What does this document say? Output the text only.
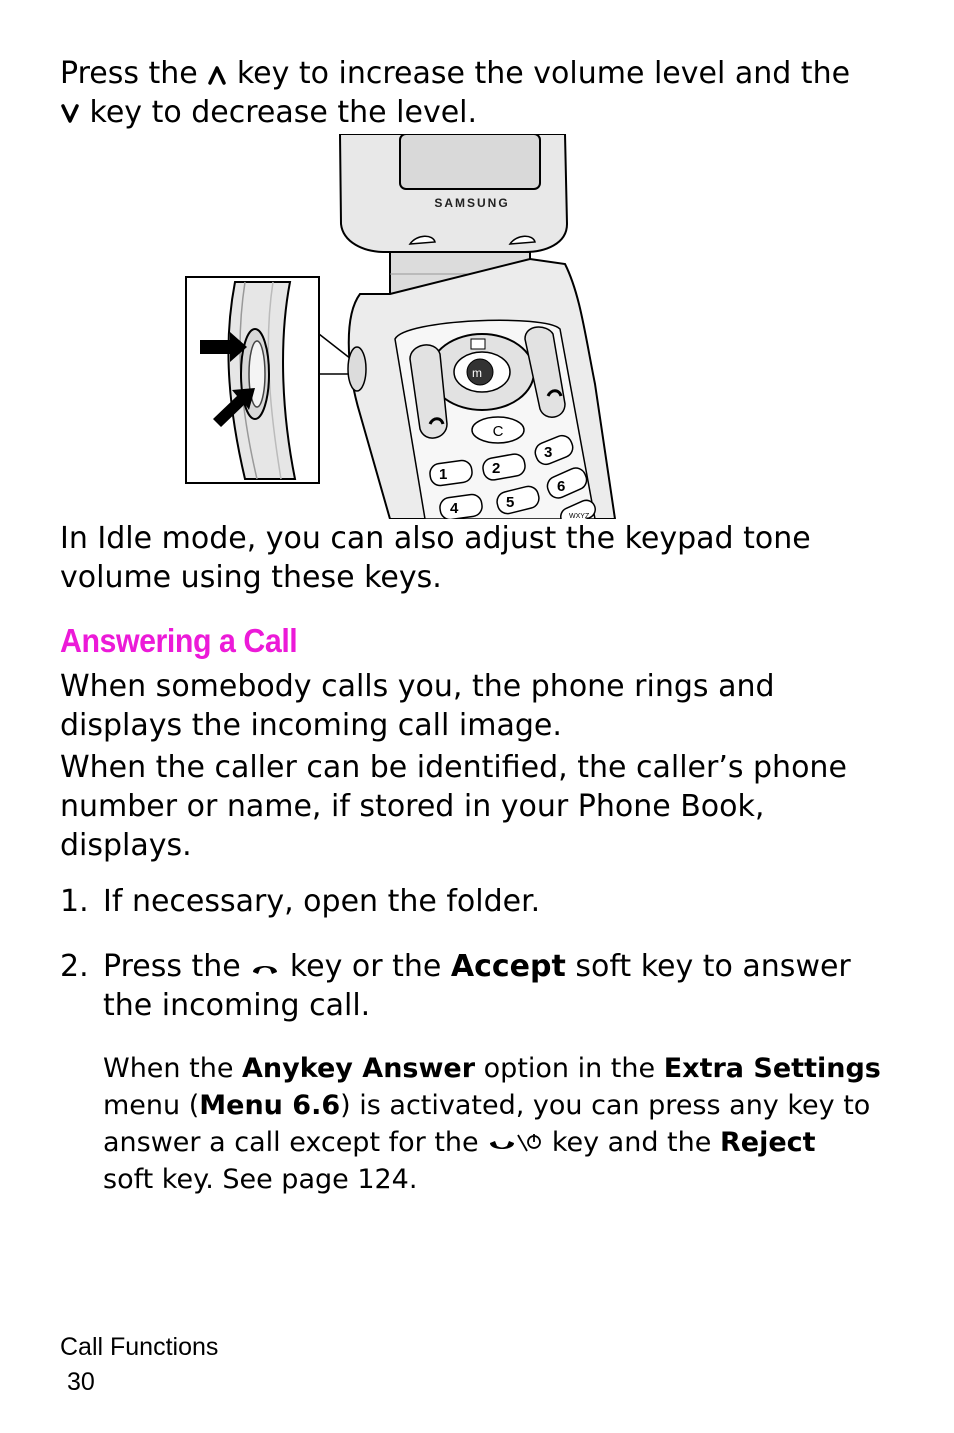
Press the key to increase the volume level and the

key to decrease the level.

SAMSUNG
m
C
1	2
3
4	5
6
WXYZ

In Idle mode, you can also adjust the keypad tone

volume using these keys.

Answering a Call

When somebody calls you, the phone rings and

displays the incoming call image.

When the caller can be identified, the caller’s phone

number or name, if stored in your Phone Book,

displays.

1. If necessary, open the folder.
2. Press the key or the Accept soft key to answer
the incoming call.

When the Anykey Answer option in the Extra Settings
menu (Menu 6.6) is activated, you can press any key to
answer a call except for the	key and the Reject
soft key. See page 124.

Call Functions

30
